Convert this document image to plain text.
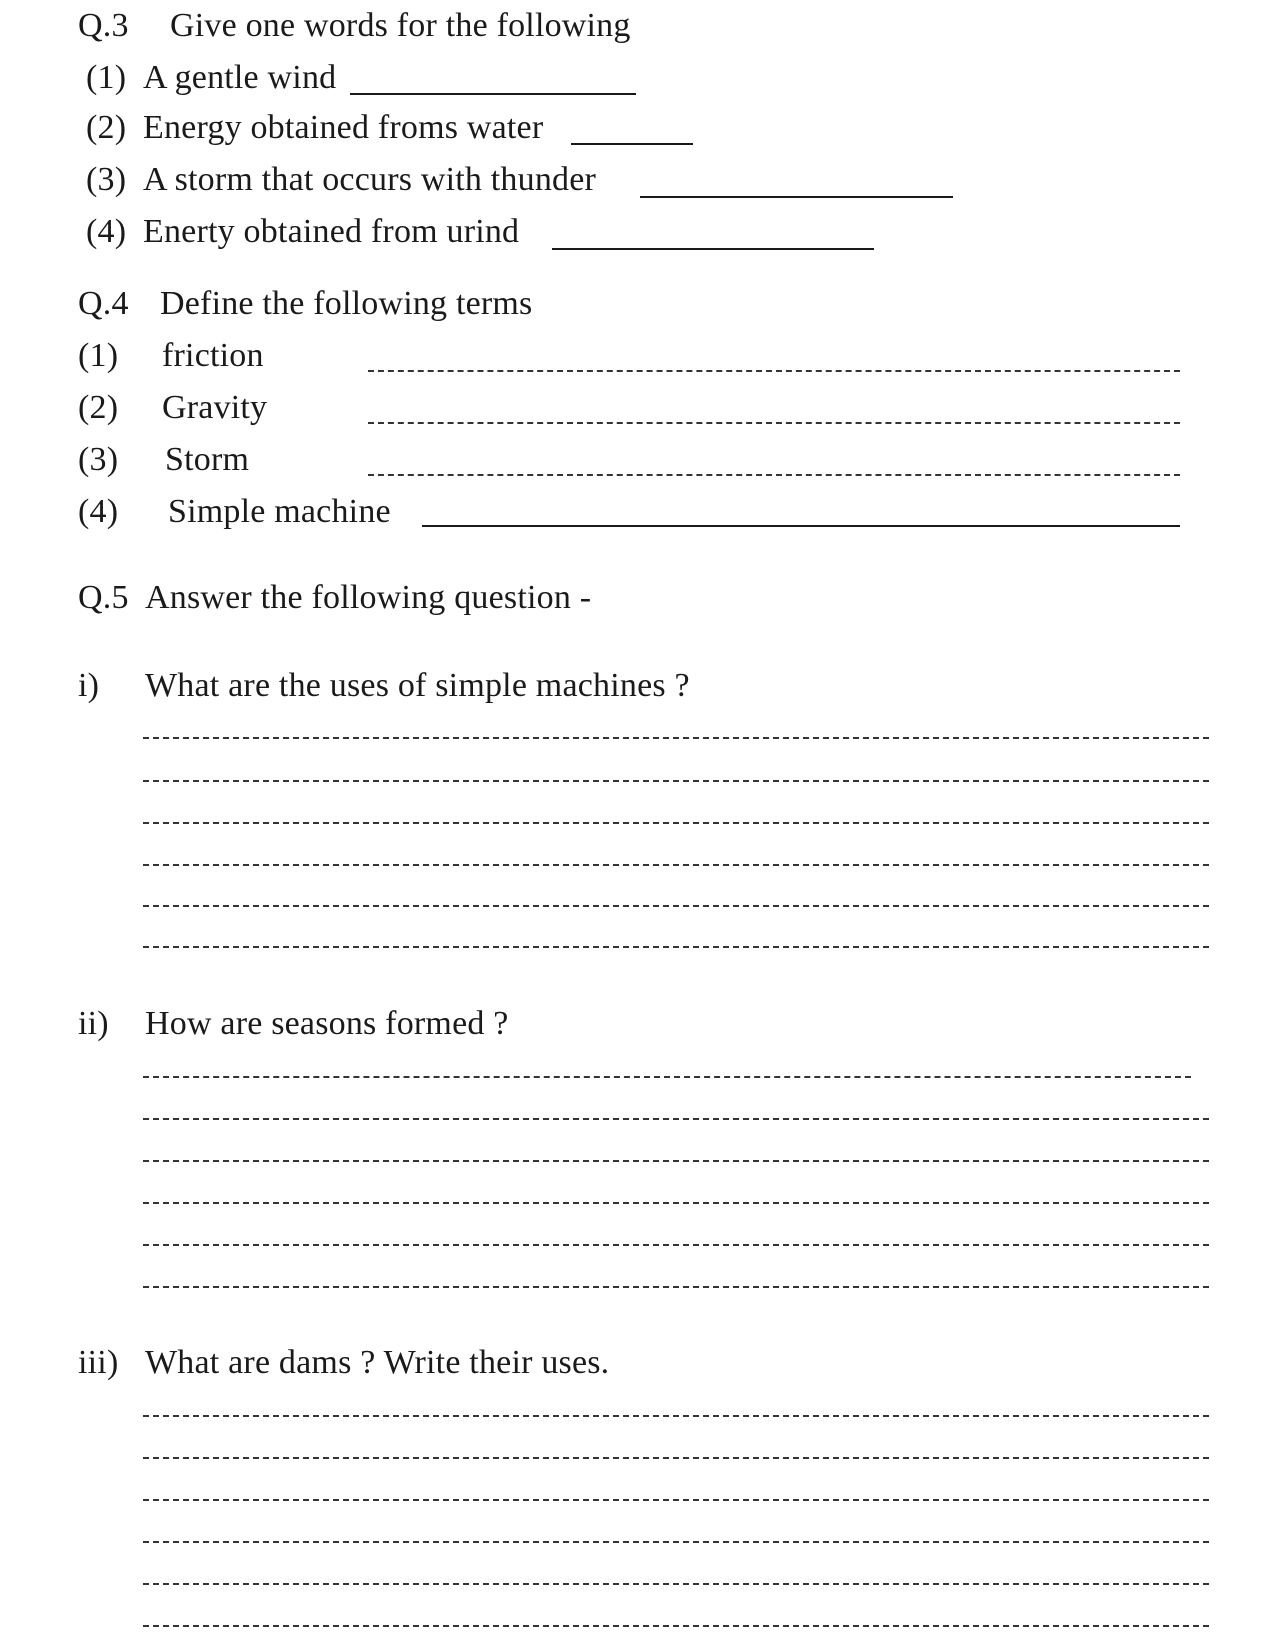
Q.3 Give one words for the following
(1) A gentle wind
(2) Energy obtained froms water
(3) A storm that occurs with thunder
(4) Enerty obtained from urind
Q.4 Define the following terms
(1) friction
(2) Gravity
(3) Storm
(4) Simple machine
Q.5 Answer the following question -
i) What are the uses of simple machines ?
ii) How are seasons formed ?
iii) What are dams ? Write their uses.
